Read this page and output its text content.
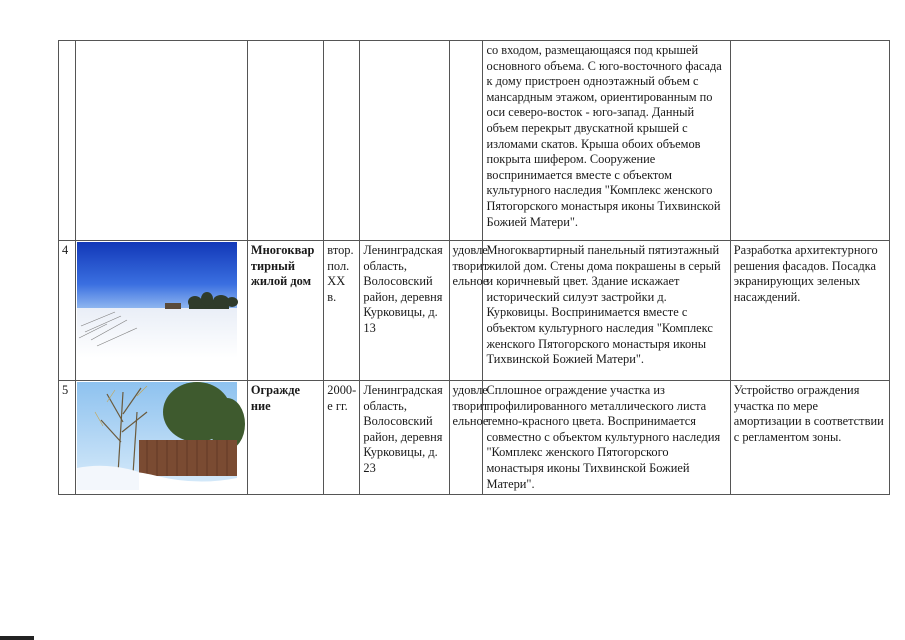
						со входом, размещающаяся под крышей основного объема. С юго-восточного фасада к дому пристроен одноэтажный объем с мансардным этажом, ориентированным по оси северо-восток - юго-запад. Данный объем перекрыт двускатной крышей с изломами скатов. Крыша обоих объемов покрыта шифером. Сооружение воспринимается вместе с объектом культурного наследия "Комплекс женского Пятогорского монастыря иконы Тихвинской Божией Матери".	
4		Многоквар тирный жилой дом	втор. пол. XX в.	Ленинградская область, Волосовский район, деревня Курковицы, д. 13	удовле творит ельное	Многоквартирный панельный пятиэтажный жилой дом. Стены дома покрашены в серый и коричневый цвет. Здание искажает исторический силуэт застройки д. Курковицы. Воспринимается вместе с объектом культурного наследия "Комплекс женского Пятогорского монастыря иконы Тихвинской Божией Матери".	Разработка архитектурного решения фасадов. Посадка экранирующих зеленых насаждений.
5		Огражде ние	2000-е гг.	Ленинградская область, Волосовский район, деревня Курковицы, д. 23	удовле творит ельное	Сплошное ограждение участка из профилированного металлического листа темно-красного цвета. Воспринимается совместно с объектом культурного наследия "Комплекс женского Пятогорского монастыря иконы Тихвинской Божией Матери".	Устройство ограждения участка по мере амортизации в соответствии с регламентом зоны.
